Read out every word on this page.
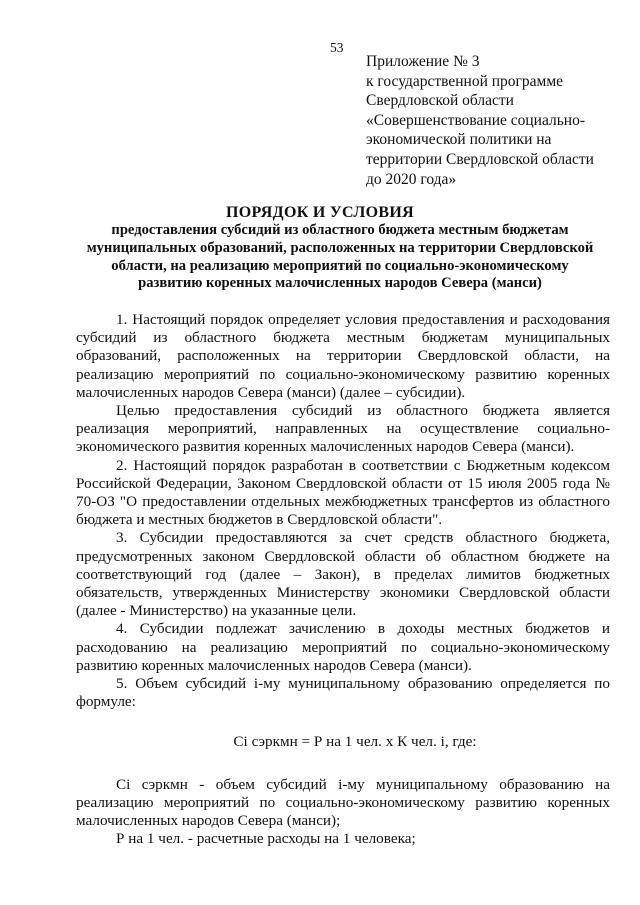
53
Приложение № 3
к государственной программе
Свердловской области
«Совершенствование социально-
экономической политики на
территории Свердловской области
до 2020 года»
ПОРЯДОК И УСЛОВИЯ
предоставления субсидий из областного бюджета местным бюджетам
муниципальных образований, расположенных на территории Свердловской
области, на реализацию мероприятий по социально-экономическому
развитию коренных малочисленных народов Севера (манси)

1. Настоящий порядок определяет условия предоставления и расходования субсидий из областного бюджета местным бюджетам муниципальных образований, расположенных на территории Свердловской области, на реализацию мероприятий по социально-экономическому развитию коренных малочисленных народов Севера (манси) (далее – субсидии).

Целью предоставления субсидий из областного бюджета является реализация мероприятий, направленных на осуществление социально-экономического развития коренных малочисленных народов Севера (манси).

2. Настоящий порядок разработан в соответствии с Бюджетным кодексом Российской Федерации, Законом Свердловской области от 15 июля 2005 года № 70-ОЗ "О предоставлении отдельных межбюджетных трансфертов из областного бюджета и местных бюджетов в Свердловской области".

3. Субсидии предоставляются за счет средств областного бюджета, предусмотренных законом Свердловской области об областном бюджете на соответствующий год (далее – Закон), в пределах лимитов бюджетных обязательств, утвержденных Министерству экономики Свердловской области (далее - Министерство) на указанные цели.

4. Субсидии подлежат зачислению в доходы местных бюджетов и расходованию на реализацию мероприятий по социально-экономическому развитию коренных малочисленных народов Севера (манси).

5. Объем субсидий i-му муниципальному образованию определяется по формуле:

Ci сэркмн = Р на 1 чел. х К чел. i, где:

Ci сэркмн - объем субсидий i-му муниципальному образованию на реализацию мероприятий по социально-экономическому развитию коренных малочисленных народов Севера (манси);

Р на 1 чел. - расчетные расходы на 1 человека;
